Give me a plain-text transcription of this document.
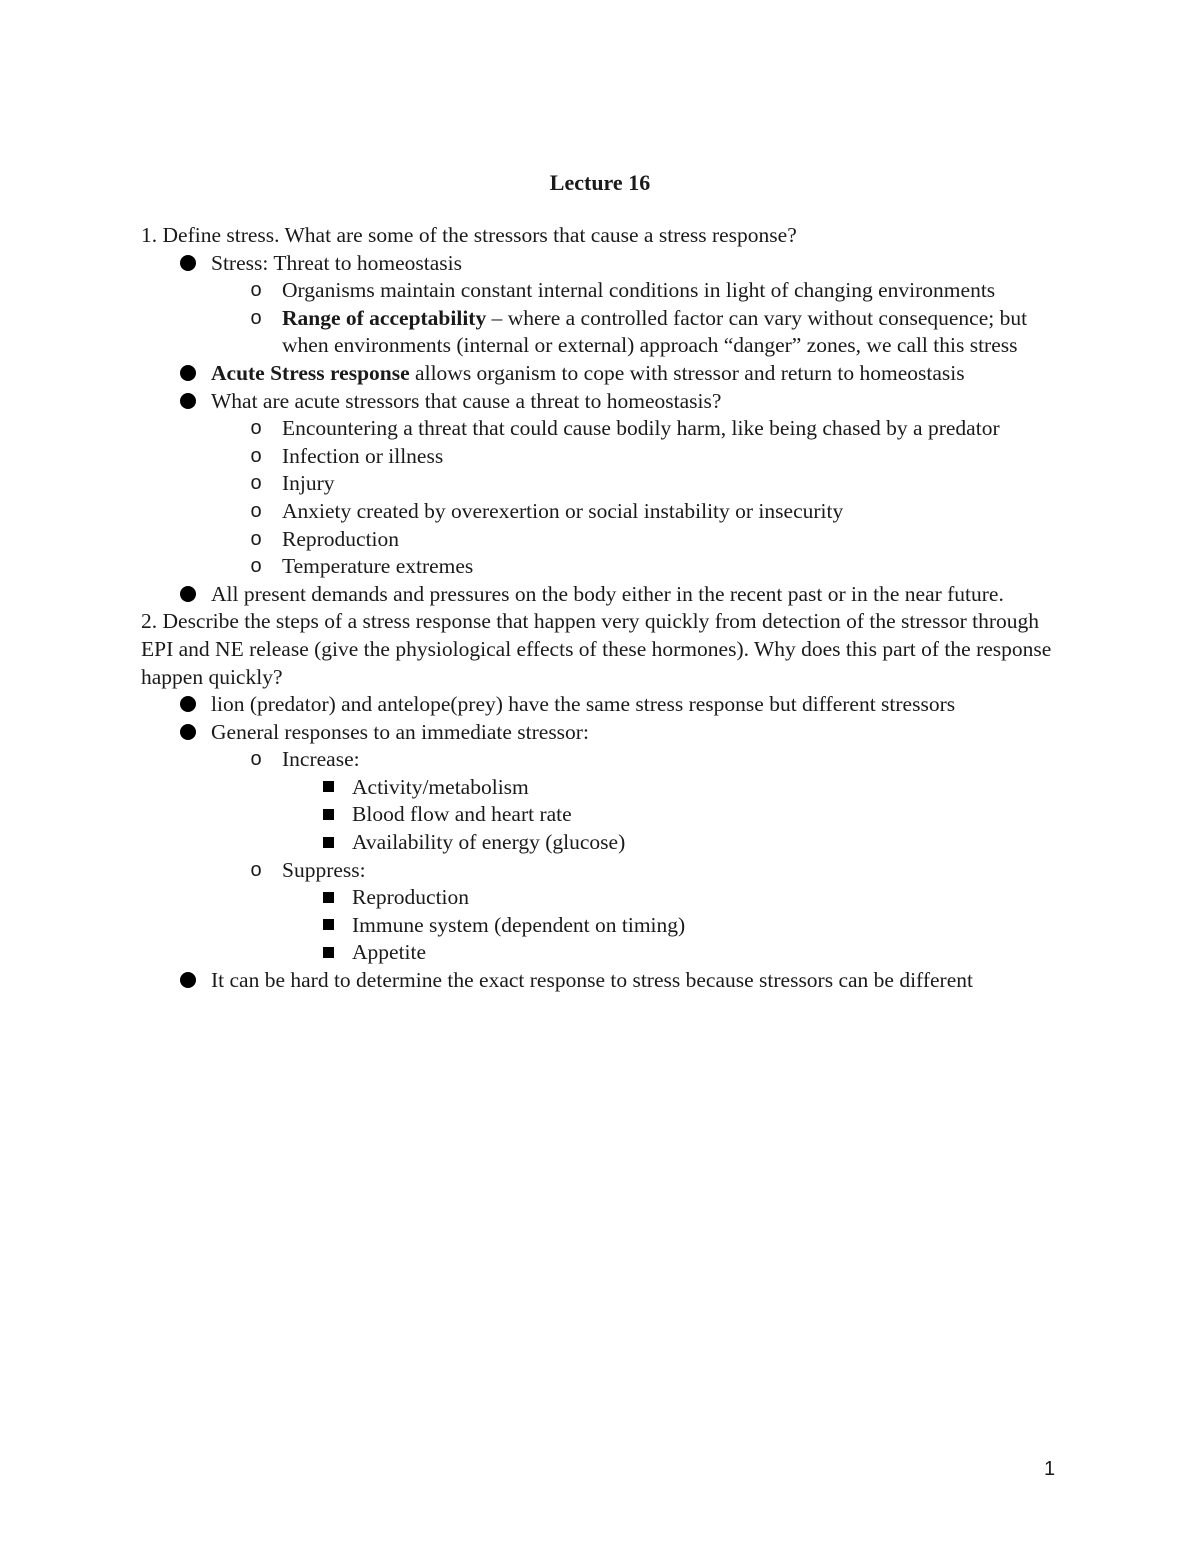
Lecture 16

1. Define stress. What are some of the stressors that cause a stress response?

Stress: Threat to homeostasis
o Organisms maintain constant internal conditions in light of changing environments
o Range of acceptability – where a controlled factor can vary without consequence; but when environments (internal or external) approach “danger” zones, we call this stress
Acute Stress response allows organism to cope with stressor and return to homeostasis
What are acute stressors that cause a threat to homeostasis?
o Encountering a threat that could cause bodily harm, like being chased by a predator
o Infection or illness
o Injury
o Anxiety created by overexertion or social instability or insecurity
o Reproduction
o Temperature extremes
All present demands and pressures on the body either in the recent past or in the near future.

2. Describe the steps of a stress response that happen very quickly from detection of the stressor through EPI and NE release (give the physiological effects of these hormones). Why does this part of the response happen quickly?

lion (predator) and antelope(prey) have the same stress response but different stressors
General responses to an immediate stressor:
o Increase:
Activity/metabolism
Blood flow and heart rate
Availability of energy (glucose)
o Suppress:
Reproduction
Immune system (dependent on timing)
Appetite
It can be hard to determine the exact response to stress because stressors can be different
1
